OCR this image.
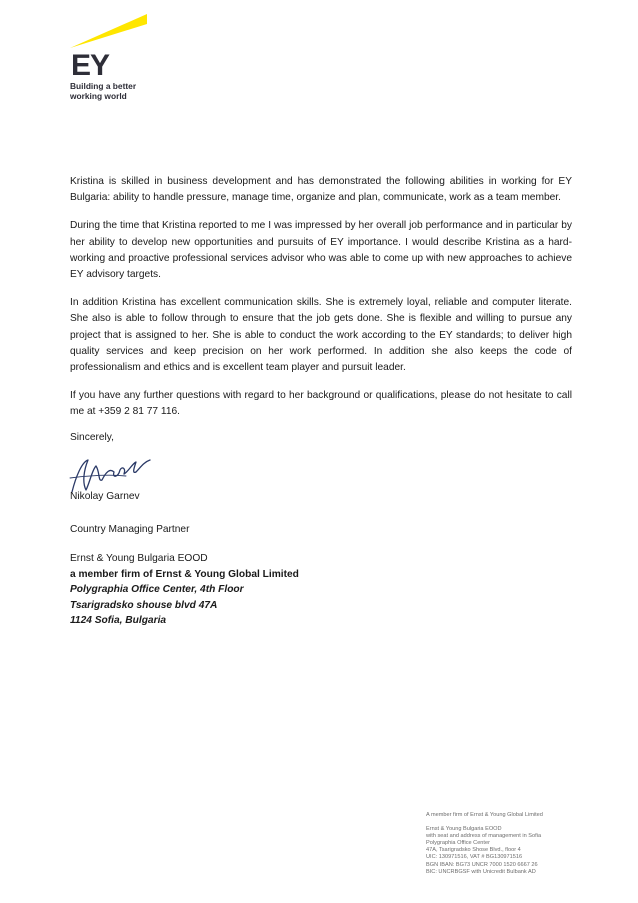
EY
Building a better
working world

Kristina is skilled in business development and has demonstrated the following abilities in working for EY Bulgaria: ability to handle pressure, manage time, organize and plan, communicate, work as a team member.

During the time that Kristina reported to me I was impressed by her overall job performance and in particular by her ability to develop new opportunities and pursuits of EY importance. I would describe Kristina as a hard-working and proactive professional services advisor who was able to come up with new approaches to achieve EY advisory targets.

In addition Kristina has excellent communication skills. She is extremely loyal, reliable and computer literate. She also is able to follow through to ensure that the job gets done. She is flexible and willing to pursue any project that is assigned to her. She is able to conduct the work according to the EY standards; to deliver high quality services and keep precision on her work performed. In addition she also keeps the code of professionalism and ethics and is excellent team player and pursuit leader.

If you have any further questions with regard to her background or qualifications, please do not hesitate to call me at +359 2 81 77 116.

Sincerely,
Nikolay Garnev
Country Managing Partner
Ernst & Young Bulgaria EOOD
a member firm of Ernst & Young Global Limited
Polygraphia Office Center, 4th Floor
Tsarigradsko shouse blvd 47A
1124 Sofia, Bulgaria
A member firm of Ernst & Young Global Limited
Ernst & Young Bulgaria EOOD
with seat and address of management in Sofia
Polygraphia Office Center
47A, Tsarigradsko Shose Blvd., floor 4
UIC: 130971516, VAT # BG130971516
BGN IBAN: BG73 UNCR 7000 1520 6667 26
BIC: UNCRBGSF with Unicredit Bulbank AD
